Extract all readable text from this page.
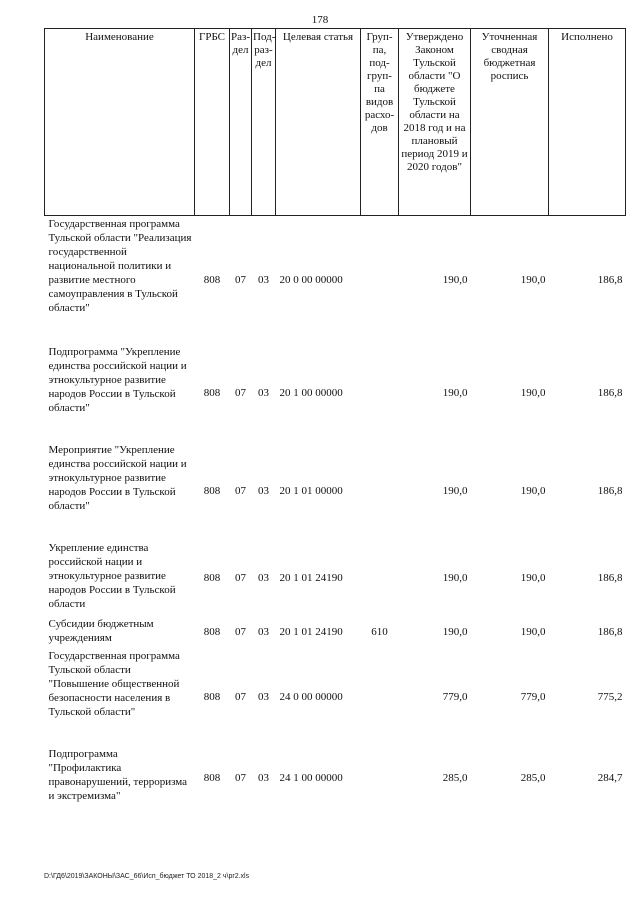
178
Наименование	ГРБС	Раз-дел	Под-раз-дел	Целевая статья	Груп-па, под-груп-па видов расхо-дов	Утверждено Законом Тульской области "О бюджете Тульской области на 2018 год и на плановый период 2019 и 2020 годов"	Уточненная сводная бюджетная роспись	Исполнено
Государственная программа Тульской области "Реализация государственной национальной политики и развитие местного самоуправления в Тульской области"	808	07	03	20 0 00 00000		190,0	190,0	186,8
Подпрограмма "Укрепление единства российской нации и этнокультурное развитие народов России в Тульской области"	808	07	03	20 1 00 00000		190,0	190,0	186,8
Мероприятие "Укрепление единства российской нации и этнокультурное развитие народов России в Тульской области"	808	07	03	20 1 01 00000		190,0	190,0	186,8
Укрепление единства российской нации и этнокультурное развитие народов России в Тульской области	808	07	03	20 1 01 24190		190,0	190,0	186,8
Субсидии бюджетным учреждениям	808	07	03	20 1 01 24190	610	190,0	190,0	186,8
Государственная программа Тульской области "Повышение общественной безопасности населения в Тульской области"	808	07	03	24 0 00 00000		779,0	779,0	775,2
Подпрограмма "Профилактика правонарушений, терроризма и экстремизма"	808	07	03	24 1 00 00000		285,0	285,0	284,7
D:\ГД6\2019\ЗАКОНЫ\ЗАС_66\Исп_бюджет ТО 2018_2 ч\pr2.xls
